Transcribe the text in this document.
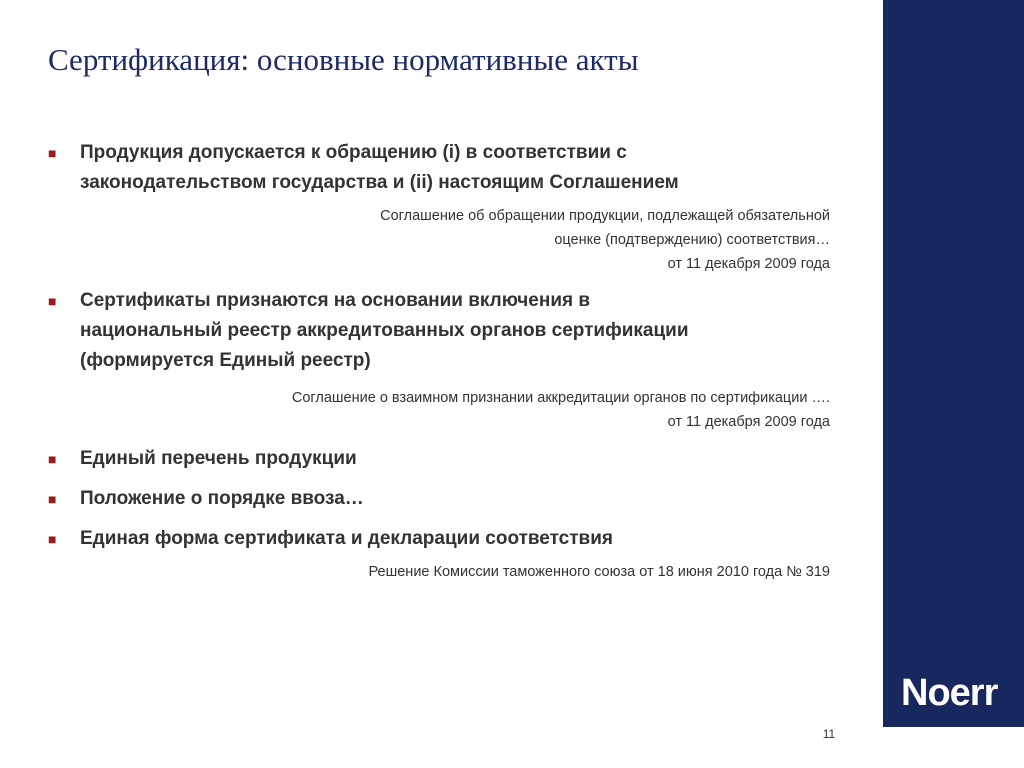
Noerr
Сертификация: основные нормативные акты
■ Продукция допускается к обращению (i) в соответствии с
законодательством государства и (ii) настоящим Соглашением
Соглашение об обращении продукции, подлежащей обязательной
оценке (подтверждению) соответствия…
от 11 декабря 2009 года
■ Сертификаты признаются на основании включения в
национальный реестр аккредитованных органов сертификации
(формируется Единый реестр)
Соглашение о взаимном признании аккредитации органов по сертификации ….
от 11 декабря 2009 года
■ Единый перечень продукции
■ Положение о порядке ввоза…
■ Единая форма сертификата и декларации соответствия
Решение Комиссии таможенного союза от 18 июня 2010 года № 319
11
